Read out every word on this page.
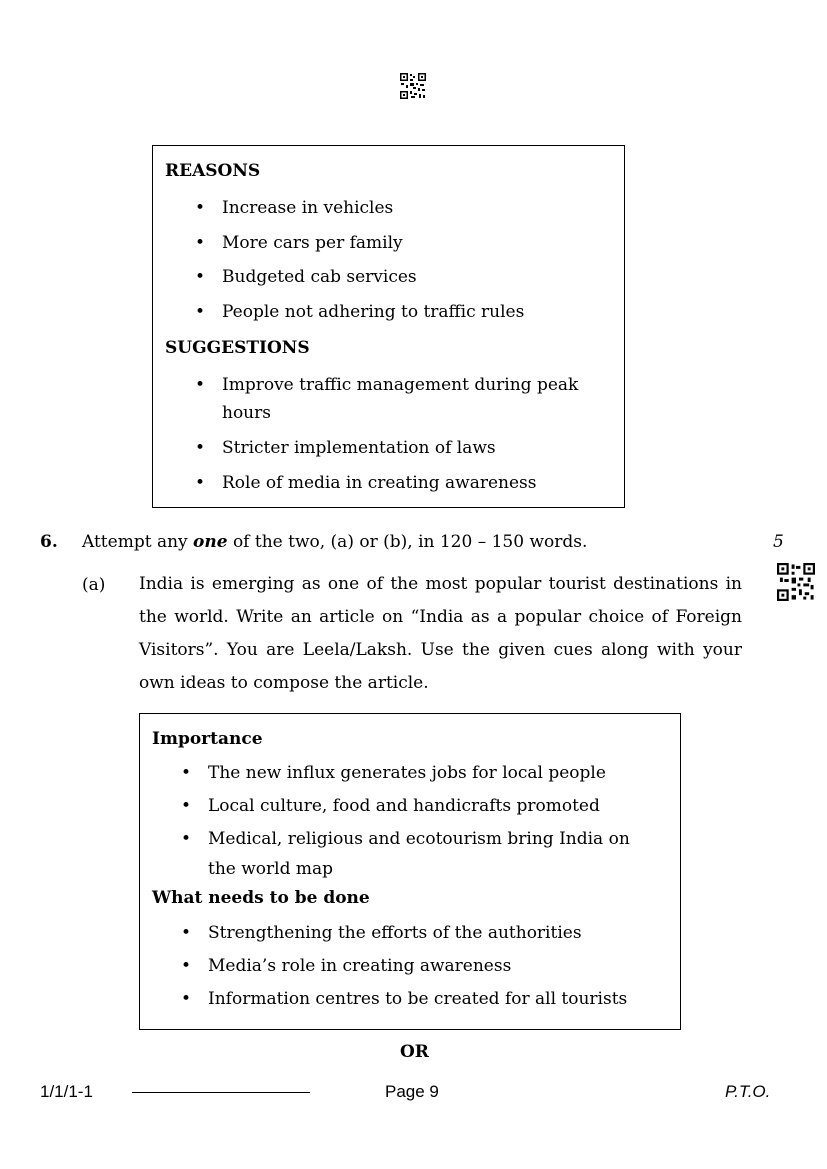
REASONS
• Increase in vehicles
• More cars per family
• Budgeted cab services
• People not adhering to traffic rules
SUGGESTIONS
• Improve traffic management during peak hours
• Stricter implementation of laws
• Role of media in creating awareness
6. Attempt any one of the two, (a) or (b), in 120 – 150 words.	5
(a) India is emerging as one of the most popular tourist destinations in the world. Write an article on “India as a popular choice of Foreign Visitors”. You are Leela/Laksh. Use the given cues along with your own ideas to compose the article.
Importance
• The new influx generates jobs for local people
• Local culture, food and handicrafts promoted
• Medical, religious and ecotourism bring India on the world map
What needs to be done
• Strengthening the efforts of the authorities
• Media’s role in creating awareness
• Information centres to be created for all tourists
OR
1/1/1-1	Page 9	P.T.O.
